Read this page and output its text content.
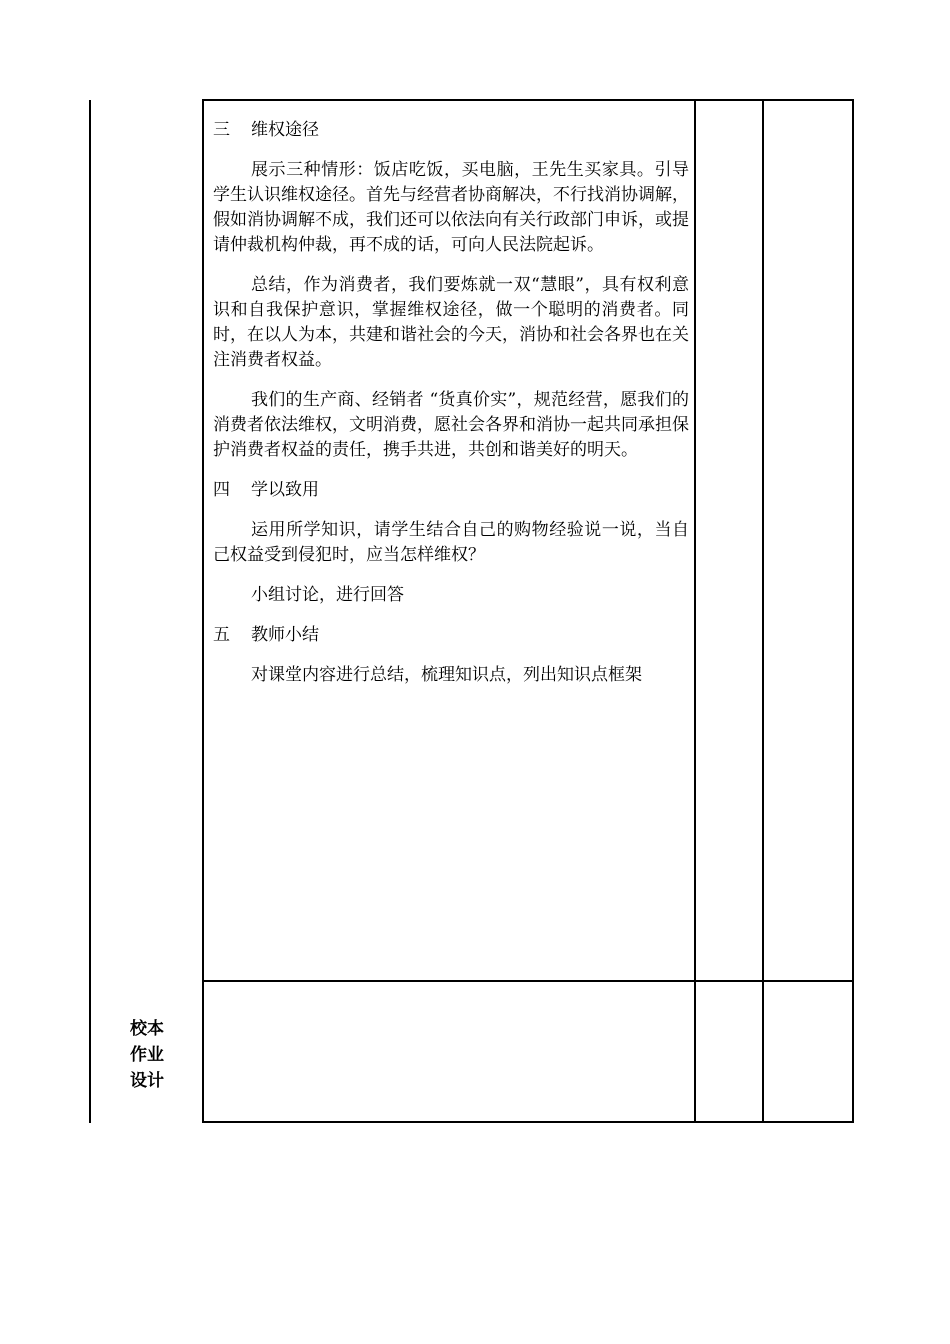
三 维权途径

展示三种情形：饭店吃饭，买电脑，王先生买家具。引导学生认识维权途径。首先与经营者协商解决，不行找消协调解，假如消协调解不成，我们还可以依法向有关行政部门申诉，或提请仲裁机构仲裁，再不成的话，可向人民法院起诉。

总结，作为消费者，我们要炼就一双“慧眼”，具有权利意识和自我保护意识，掌握维权途径，做一个聪明的消费者。同时，在以人为本，共建和谐社会的今天，消协和社会各界也在关注消费者权益。

我们的生产商、经销者 “货真价实”，规范经营，愿我们的消费者依法维权，文明消费，愿社会各界和消协一起共同承担保护消费者权益的责任，携手共进，共创和谐美好的明天。

四 学以致用

运用所学知识，请学生结合自己的购物经验说一说，当自己权益受到侵犯时，应当怎样维权？

小组讨论，进行回答

五 教师小结

对课堂内容进行总结，梳理知识点，列出知识点框架

校本
作业
设计
